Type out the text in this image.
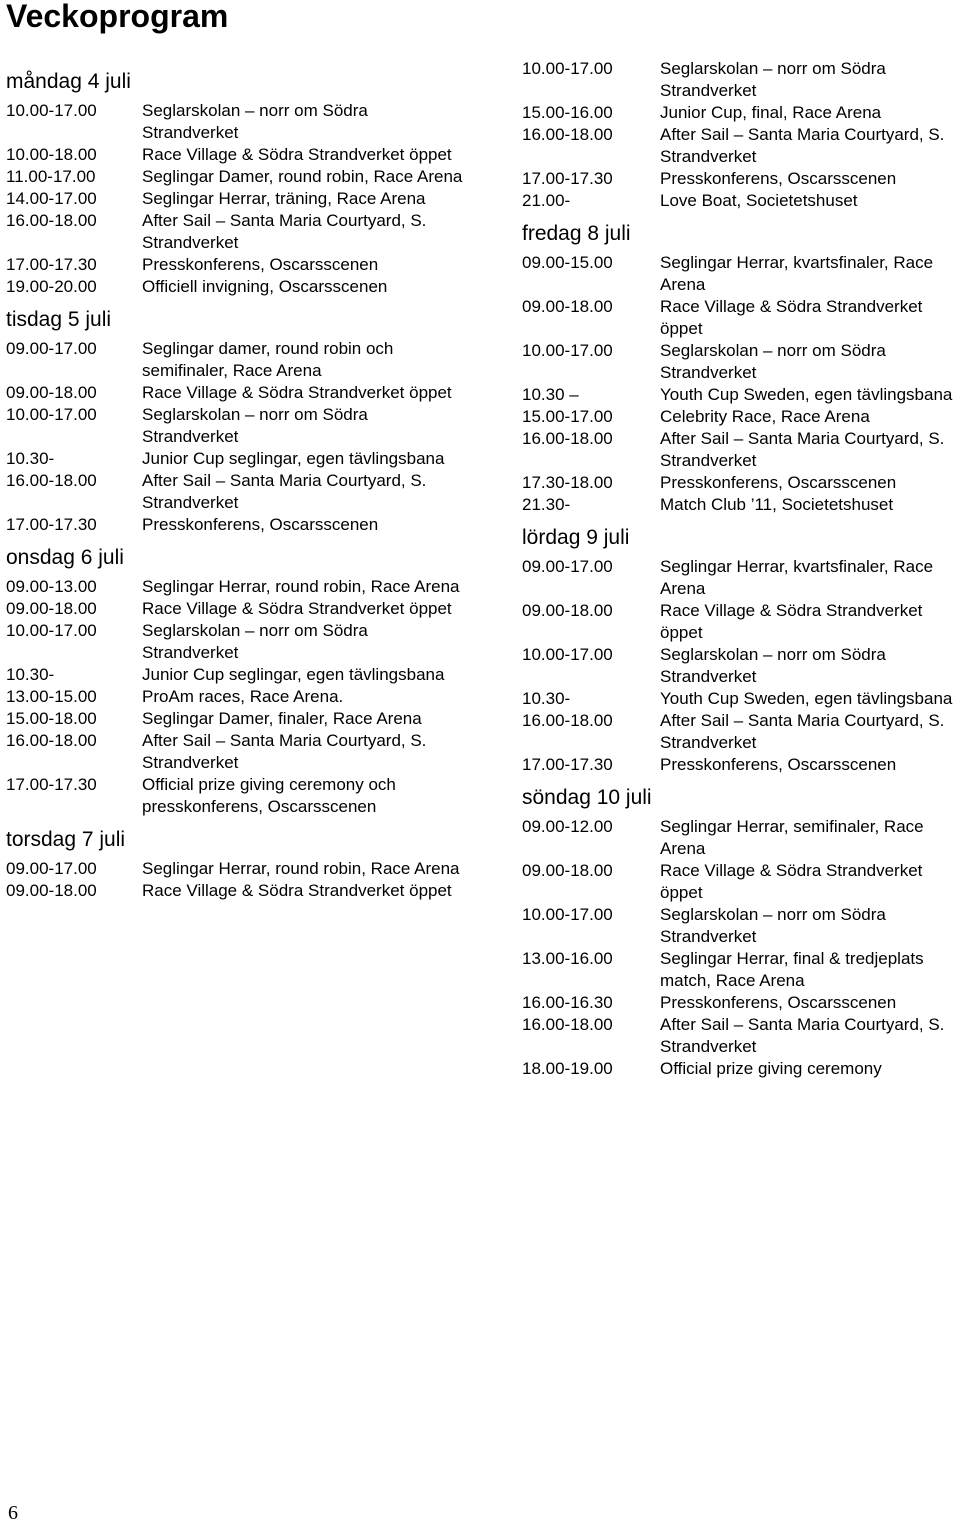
Veckoprogram
måndag 4 juli
10.00-17.00	Seglarskolan – norr om Södra Strandverket
10.00-18.00	Race Village & Södra Strandverket öppet
11.00-17.00	Seglingar Damer, round robin, Race Arena
14.00-17.00	Seglingar Herrar, träning, Race Arena
16.00-18.00	After Sail – Santa Maria Courtyard, S. Strandverket
17.00-17.30	Presskonferens, Oscarsscenen
19.00-20.00	Officiell invigning, Oscarsscenen
tisdag 5 juli
09.00-17.00	Seglingar damer, round robin och semifinaler, Race Arena
09.00-18.00	Race Village & Södra Strandverket öppet
10.00-17.00	Seglarskolan – norr om Södra Strandverket
10.30-	Junior Cup seglingar, egen tävlingsbana
16.00-18.00	After Sail – Santa Maria Courtyard, S. Strandverket
17.00-17.30	Presskonferens, Oscarsscenen
onsdag 6 juli
09.00-13.00	Seglingar Herrar, round robin, Race Arena
09.00-18.00	Race Village & Södra Strandverket öppet
10.00-17.00	Seglarskolan – norr om Södra Strandverket
10.30-	Junior Cup seglingar, egen tävlingsbana
13.00-15.00	ProAm races, Race Arena.
15.00-18.00	Seglingar Damer, finaler, Race Arena
16.00-18.00	After Sail – Santa Maria Courtyard, S. Strandverket
17.00-17.30	Official prize giving ceremony och presskonferens, Oscarsscenen
torsdag 7 juli
09.00-17.00	Seglingar Herrar, round robin, Race Arena
09.00-18.00	Race Village & Södra Strandverket öppet
10.00-17.00	Seglarskolan – norr om Södra Strandverket
15.00-16.00	Junior Cup, final, Race Arena
16.00-18.00	After Sail – Santa Maria Courtyard, S. Strandverket
17.00-17.30	Presskonferens, Oscarsscenen
21.00-	Love Boat, Societetshuset
fredag 8 juli
09.00-15.00	Seglingar Herrar, kvartsfinaler, Race Arena
09.00-18.00	Race Village & Södra Strandverket öppet
10.00-17.00	Seglarskolan – norr om Södra Strandverket
10.30 –	Youth Cup Sweden, egen tävlingsbana
15.00-17.00	Celebrity Race, Race Arena
16.00-18.00	After Sail – Santa Maria Courtyard, S. Strandverket
17.30-18.00	Presskonferens, Oscarsscenen
21.30-	Match Club ’11, Societetshuset
lördag 9 juli
09.00-17.00	Seglingar Herrar, kvartsfinaler, Race Arena
09.00-18.00	Race Village & Södra Strandverket öppet
10.00-17.00	Seglarskolan – norr om Södra Strandverket
10.30-	Youth Cup Sweden, egen tävlingsbana
16.00-18.00	After Sail – Santa Maria Courtyard, S. Strandverket
17.00-17.30	Presskonferens, Oscarsscenen
söndag 10 juli
09.00-12.00	Seglingar Herrar, semifinaler, Race Arena
09.00-18.00	Race Village & Södra Strandverket öppet
10.00-17.00	Seglarskolan – norr om Södra Strandverket
13.00-16.00	Seglingar Herrar, final & tredjeplats match, Race Arena
16.00-16.30	Presskonferens, Oscarsscenen
16.00-18.00	After Sail – Santa Maria Courtyard, S. Strandverket
18.00-19.00	Official prize giving ceremony
6
